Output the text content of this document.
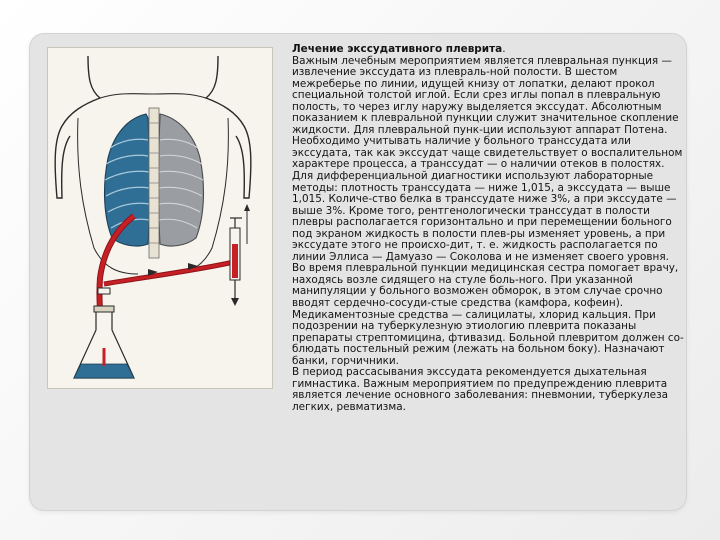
Лечение экссудативного плеврита.

Важным лечебным мероприятием является плевральная пункция — извлечение экссудата из плевраль-ной полости. В шестом межреберье по линии, идущей книзу от лопатки, делают прокол специальной толстой иглой. Если срез иглы попал в плевральную полость, то через иглу наружу выделяется экссудат. Абсолютным показанием к плевральной пункции служит значительное скопление жидкости. Для плевральной пунк-ции используют аппарат Потена.

Необходимо учитывать наличие у больного транссудата или экссудата, так как экссудат чаще свидетельствует о воспалительном характере процесса, а транссудат — о наличии отеков в полостях. Для дифференциальной диагностики используют лабораторные методы: плотность транссудата — ниже 1,015, а экссудата — выше 1,015. Количе-ство белка в транссудате ниже 3%, а при экссудате — выше 3%. Кроме того, рентгенологически транссудат в полости плевры располагается горизонтально и при перемещении больного под экраном жидкость в полости плев-ры изменяет уровень, а при экссудате этого не происхо-дит, т. е. жидкость располагается по линии Эллиса — Дамуазо — Соколова и не изменяет своего уровня.

Во время плевральной пункции медицинская сестра помогает врачу, находясь возле сидящего на стуле боль-ного. При указанной манипуляции у больного возможен обморок, в этом случае срочно вводят сердечно-сосуди-стые средства (камфора, кофеин). Медикаментозные средства — салицилаты, хлорид кальция. При подозрении на туберкулезную этиологию плеврита показаны препараты стрептомицина, фтивазид. Больной плевритом должен со-блюдать постельный режим (лежать на больном боку). Назначают банки, горчичники.

В период рассасывания экссудата рекомендуется дыхательная гимнастика. Важным мероприятием по предупреждению плеврита является лечение основного заболевания: пневмонии, туберкулеза легких, ревматизма.
